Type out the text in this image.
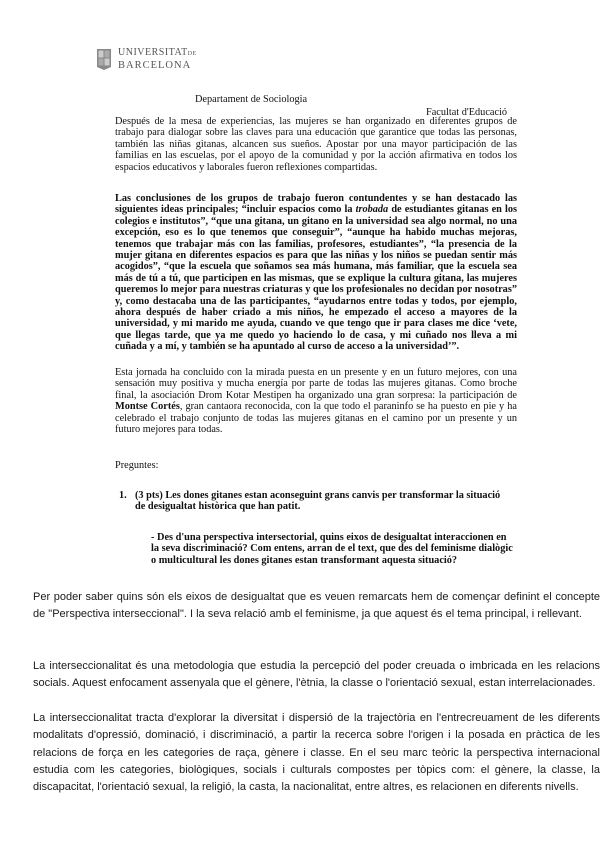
UNIVERSITATDE
BARCELONA
Departament de Sociologia
Facultat d'Educació
Después de la mesa de experiencias, las mujeres se han organizado en diferentes grupos de trabajo para dialogar sobre las claves para una educación que garantice que todas las personas, también las niñas gitanas, alcancen sus sueños. Apostar por una mayor participación de las familias en las escuelas, por el apoyo de la comunidad y por la acción afirmativa en todos los espacios educativos y laborales fueron reflexiones compartidas.
Las conclusiones de los grupos de trabajo fueron contundentes y se han destacado las siguientes ideas principales; “incluir espacios como la trobada de estudiantes gitanas en los colegios e institutos”, “que una gitana, un gitano en la universidad sea algo normal, no una excepción, eso es lo que tenemos que conseguir”, “aunque ha habido muchas mejoras, tenemos que trabajar más con las familias, profesores, estudiantes”, “la presencia de la mujer gitana en diferentes espacios es para que las niñas y los niños se puedan sentir más acogidos”, “que la escuela que soñamos sea más humana, más familiar, que la escuela sea más de tú a tú, que participen en las mismas, que se explique la cultura gitana, las mujeres queremos lo mejor para nuestras criaturas y que los profesionales no decidan por nosotras” y, como destacaba una de las participantes, “ayudarnos entre todas y todos, por ejemplo, ahora después de haber criado a mis niños, he empezado el acceso a mayores de la universidad, y mi marido me ayuda, cuando ve que tengo que ir para clases me dice ‘vete, que llegas tarde, que ya me quedo yo haciendo lo de casa, y mi cuñado nos lleva a mi cuñada y a mí, y también se ha apuntado al curso de acceso a la universidad’”.
Esta jornada ha concluido con la mirada puesta en un presente y en un futuro mejores, con una sensación muy positiva y mucha energía por parte de todas las mujeres gitanas. Como broche final, la asociación Drom Kotar Mestipen ha organizado una gran sorpresa: la participación de Montse Cortés, gran cantaora reconocida, con la que todo el paraninfo se ha puesto en pie y ha celebrado el trabajo conjunto de todas las mujeres gitanas en el camino por un presente y un futuro mejores para todas.
Preguntes:
1. (3 pts) Les dones gitanes estan aconseguint grans canvis per transformar la situació de desigualtat històrica que han patit.
- Des d'una perspectiva intersectorial, quins eixos de desigualtat interaccionen en la seva discriminació? Com entens, arran de el text, que des del feminisme dialògic o multicultural les dones gitanes estan transformant aquesta situació?
Per poder saber quins són els eixos de desigualtat que es veuen remarcats hem de començar definint el concepte de "Perspectiva interseccional". I la seva relació amb el feminisme, ja que aquest és el tema principal, i rellevant.
La interseccionalitat és una metodologia que estudia la percepció del poder creuada o imbricada en les relacions socials. Aquest enfocament assenyala que el gènere, l'ètnia, la classe o l'orientació sexual, estan interrelacionades.
La interseccionalitat tracta d'explorar la diversitat i dispersió de la trajectòria en l'entrecreuament de les diferents modalitats d'opressió, dominació, i discriminació, a partir la recerca sobre l'origen i la posada en pràctica de les relacions de força en les categories de raça, gènere i classe. En el seu marc teòric la perspectiva internacional estudia com les categories, biològiques, socials i culturals compostes per tòpics com: el gènere, la classe, la discapacitat, l'orientació sexual, la religió, la casta, la nacionalitat, entre altres, es relacionen en diferents nivells.
